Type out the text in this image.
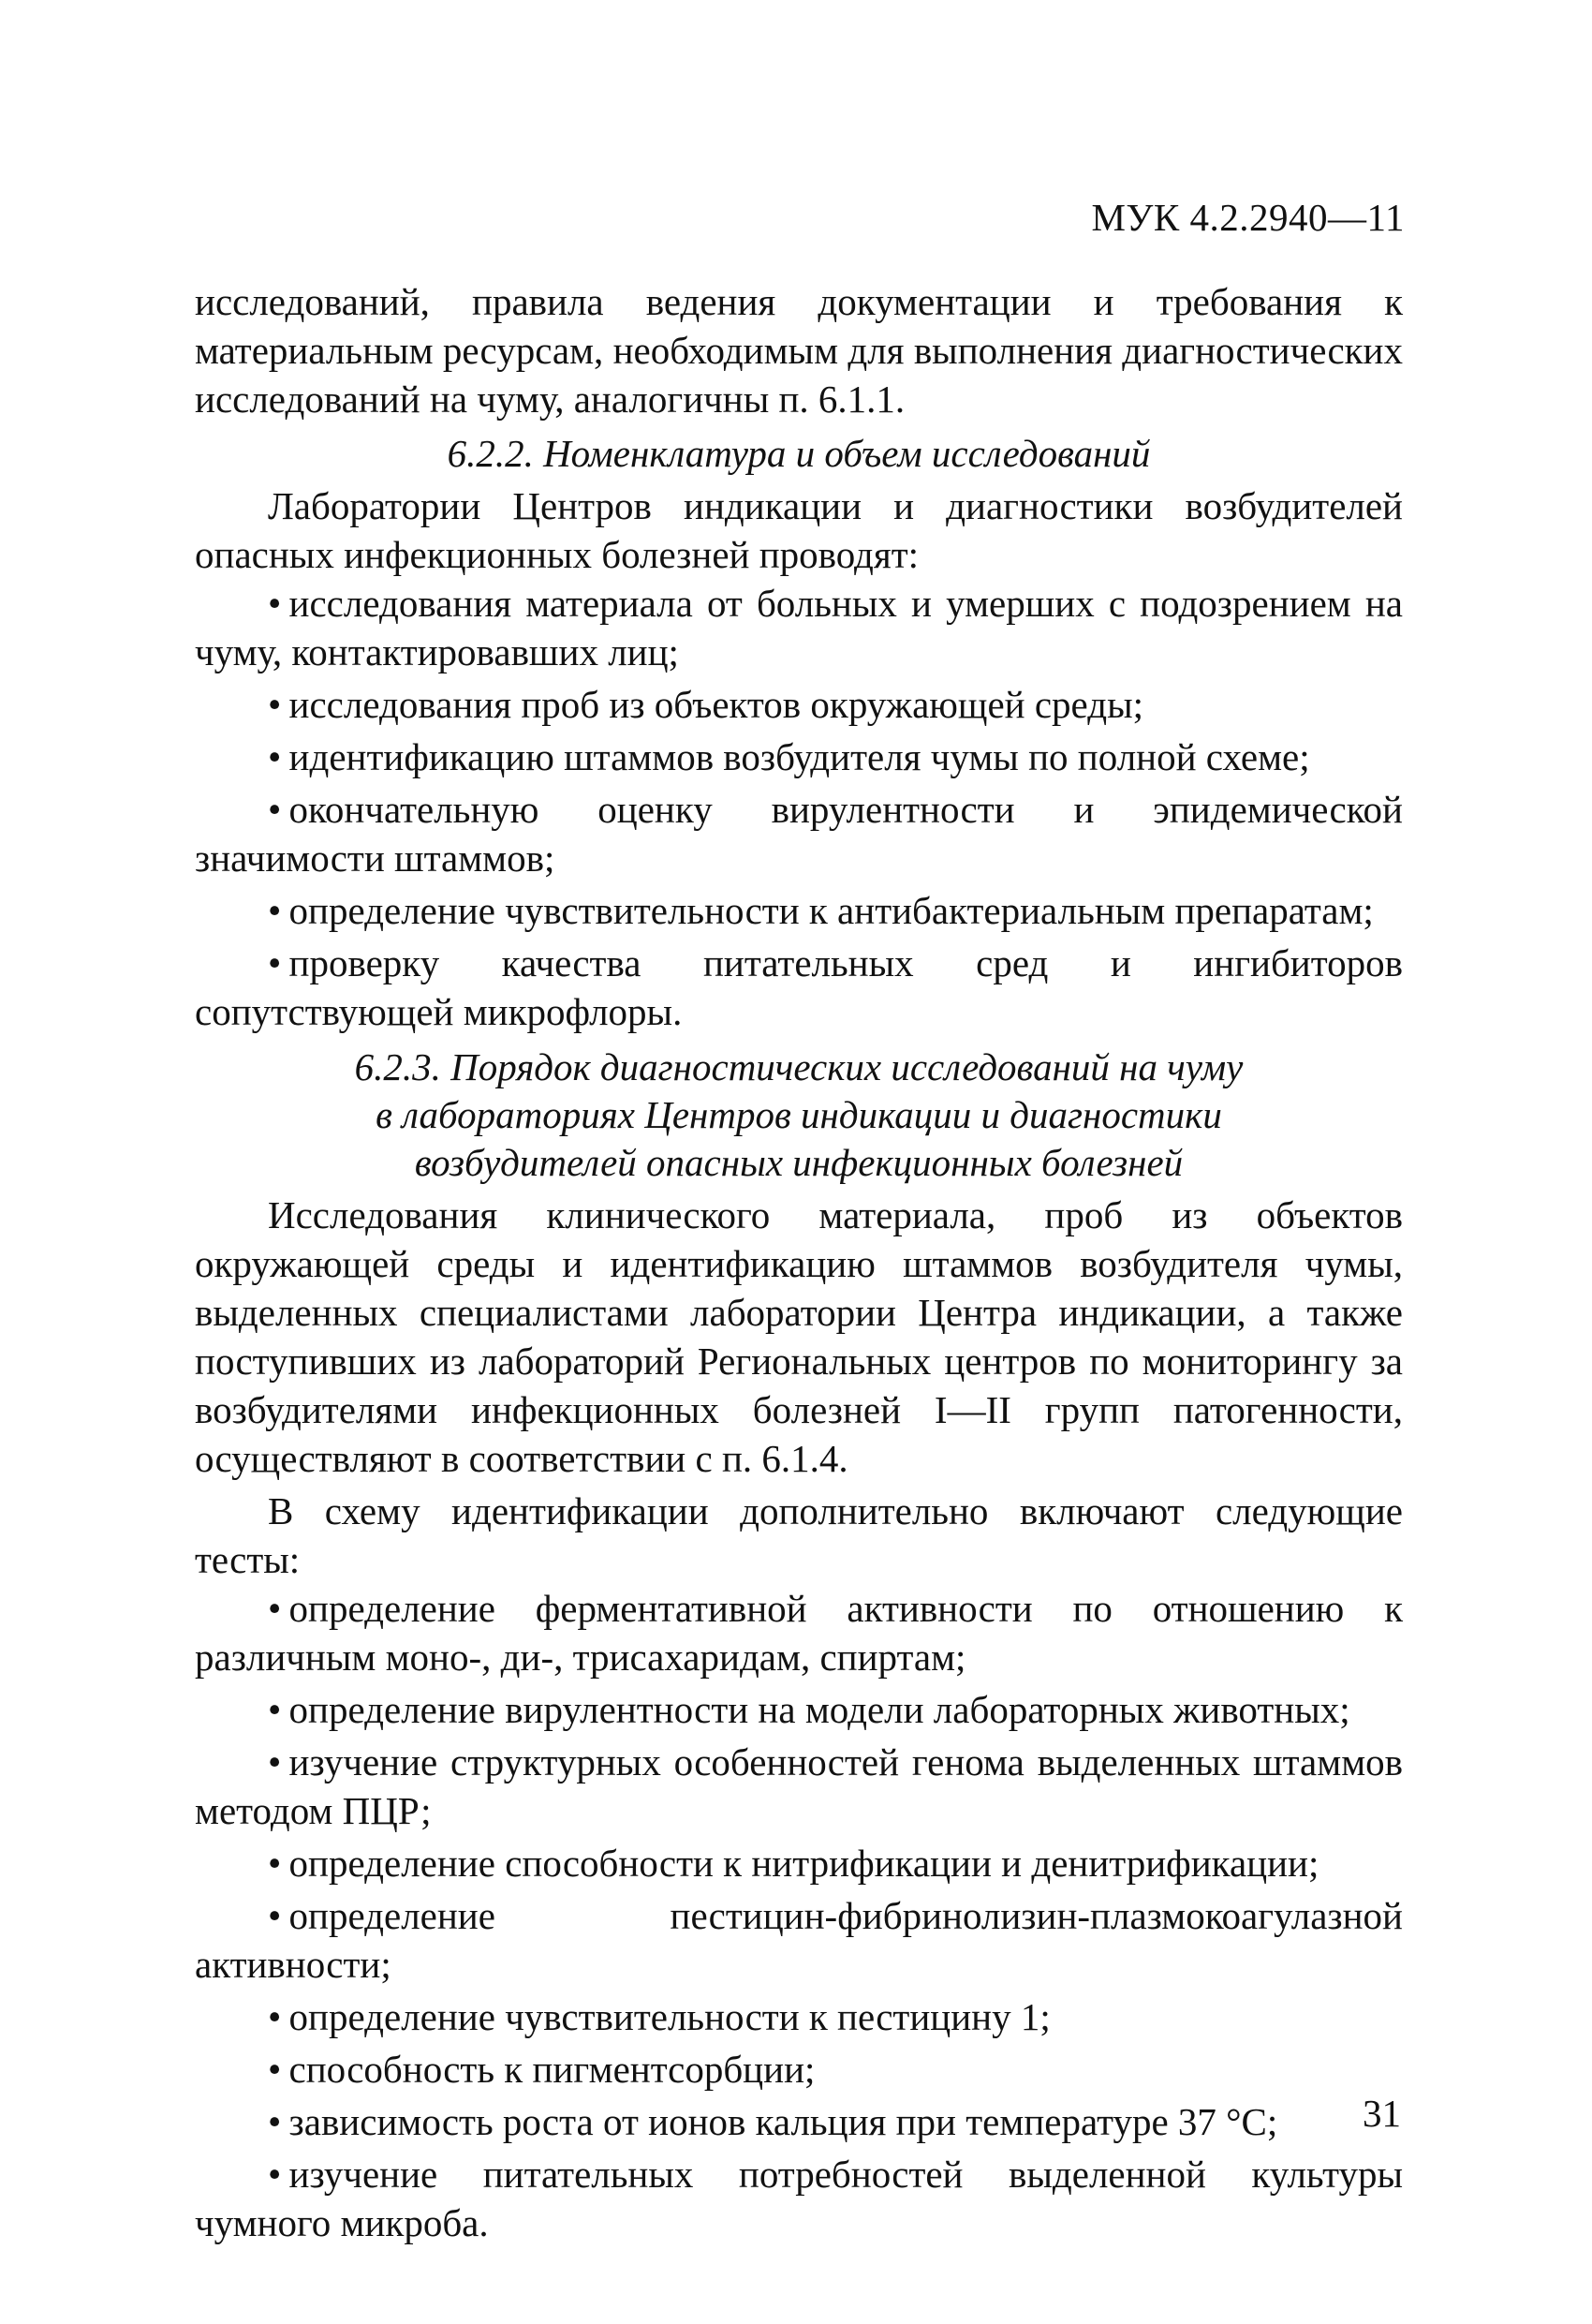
МУК 4.2.2940—11

исследований, правила ведения документации и требования к материальным ресурсам, необходимым для выполнения диагностических исследований на чуму, аналогичны п. 6.1.1.

6.2.2. Номенклатура и объем исследований

Лаборатории Центров индикации и диагностики возбудителей опасных инфекционных болезней проводят:

• исследования материала от больных и умерших с подозрением на чуму, контактировавших лиц;
• исследования проб из объектов окружающей среды;
• идентификацию штаммов возбудителя чумы по полной схеме;
• окончательную оценку вирулентности и эпидемической значимости штаммов;
• определение чувствительности к антибактериальным препаратам;
• проверку качества питательных сред и ингибиторов сопутствующей микрофлоры.

6.2.3. Порядок диагностических исследований на чуму
в лабораториях Центров индикации и диагностики
возбудителей опасных инфекционных болезней

Исследования клинического материала, проб из объектов окружающей среды и идентификацию штаммов возбудителя чумы, выделенных специалистами лаборатории Центра индикации, а также поступивших из лабораторий Региональных центров по мониторингу за возбудителями инфекционных болезней I—II групп патогенности, осуществляют в соответствии с п. 6.1.4.

В схему идентификации дополнительно включают следующие тесты:

• определение ферментативной активности по отношению к различным моно-, ди-, трисахаридам, спиртам;
• определение вирулентности на модели лабораторных животных;
• изучение структурных особенностей генома выделенных штаммов методом ПЦР;
• определение способности к нитрификации и денитрификации;
• определение пестицин-фибринолизин-плазмокоагулазной активности;
• определение чувствительности к пестицину 1;
• способность к пигментсорбции;
• зависимость роста от ионов кальция при температуре 37 °С;
• изучение питательных потребностей выделенной культуры чумного микроба.
31
